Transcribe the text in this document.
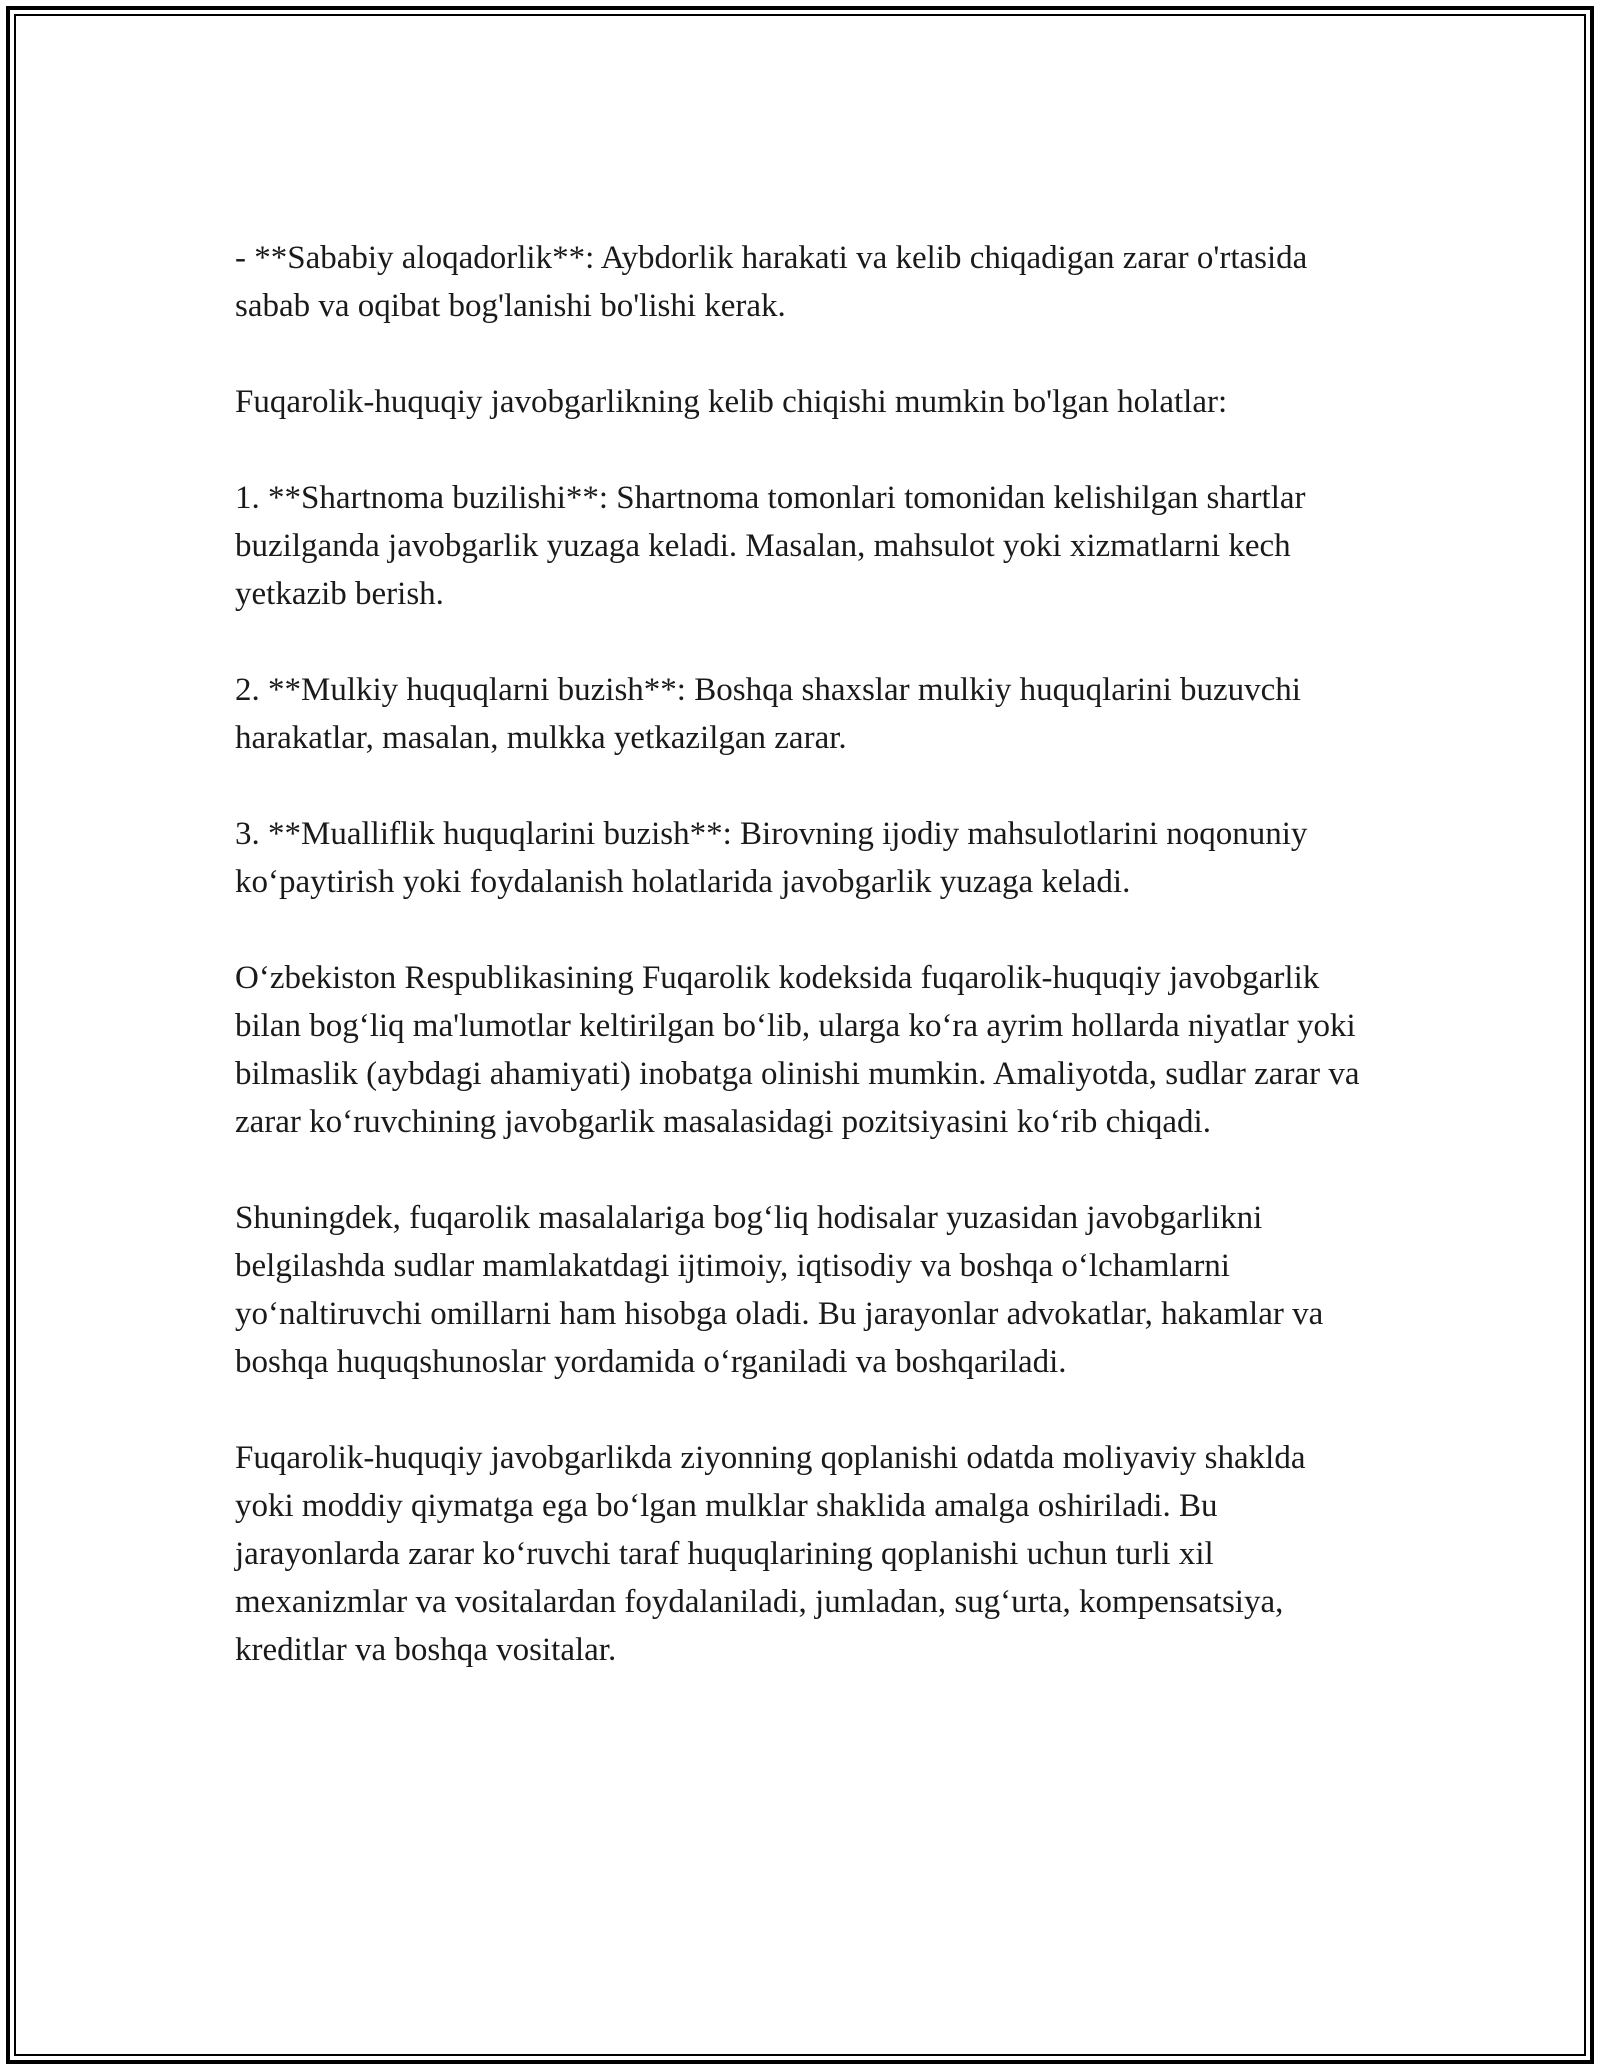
- **Sababiy aloqadorlik**: Aybdorlik harakati va kelib chiqadigan zarar o'rtasida sabab va oqibat bog'lanishi bo'lishi kerak.

Fuqarolik-huquqiy javobgarlikning kelib chiqishi mumkin bo'lgan holatlar:

1. **Shartnoma buzilishi**: Shartnoma tomonlari tomonidan kelishilgan shartlar buzilganda javobgarlik yuzaga keladi. Masalan, mahsulot yoki xizmatlarni kech yetkazib berish.

2. **Mulkiy huquqlarni buzish**: Boshqa shaxslar mulkiy huquqlarini buzuvchi harakatlar, masalan, mulkka yetkazilgan zarar.

3. **Mualliflik huquqlarini buzish**: Birovning ijodiy mahsulotlarini noqonuniy ko‘paytirish yoki foydalanish holatlarida javobgarlik yuzaga keladi.

O‘zbekiston Respublikasining Fuqarolik kodeksida fuqarolik-huquqiy javobgarlik bilan bog‘liq ma'lumotlar keltirilgan bo‘lib, ularga ko‘ra ayrim hollarda niyatlar yoki bilmaslik (aybdagi ahamiyati) inobatga olinishi mumkin. Amaliyotda, sudlar zarar va zarar ko‘ruvchining javobgarlik masalasidagi pozitsiyasini ko‘rib chiqadi.

Shuningdek, fuqarolik masalalariga bog‘liq hodisalar yuzasidan javobgarlikni belgilashda sudlar mamlakatdagi ijtimoiy, iqtisodiy va boshqa o‘lchamlarni yo‘naltiruvchi omillarni ham hisobga oladi. Bu jarayonlar advokatlar, hakamlar va boshqa huquqshunoslar yordamida o‘rganiladi va boshqariladi.

Fuqarolik-huquqiy javobgarlikda ziyonning qoplanishi odatda moliyaviy shaklda yoki moddiy qiymatga ega bo‘lgan mulklar shaklida amalga oshiriladi. Bu jarayonlarda zarar ko‘ruvchi taraf huquqlarining qoplanishi uchun turli xil mexanizmlar va vositalardan foydalaniladi, jumladan, sug‘urta, kompensatsiya, kreditlar va boshqa vositalar.
